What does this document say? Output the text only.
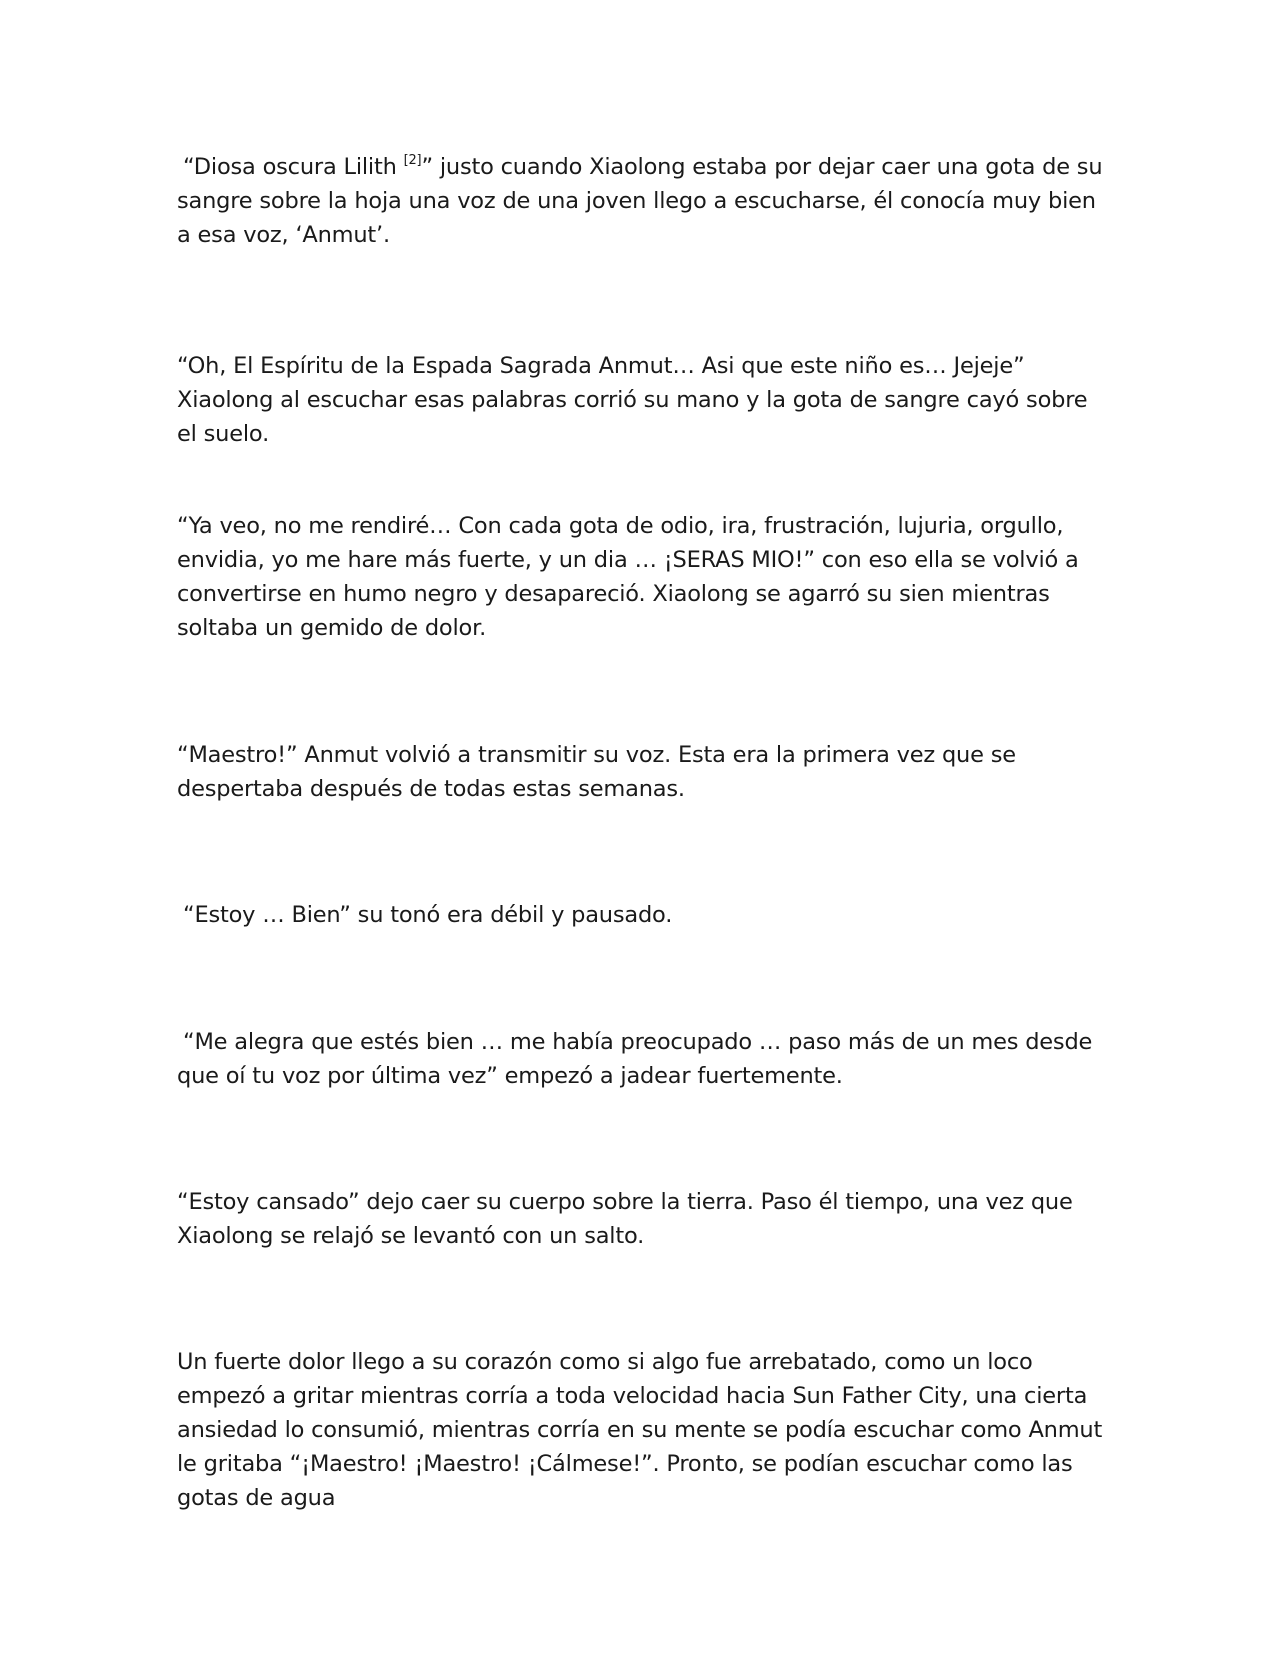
“Diosa oscura Lilith [2]” justo cuando Xiaolong estaba por dejar caer una gota de su sangre sobre la hoja una voz de una joven llego a escucharse, él conocía muy bien a esa voz, ‘Anmut’.

“Oh, El Espíritu de la Espada Sagrada Anmut… Asi que este niño es… Jejeje” Xiaolong al escuchar esas palabras corrió su mano y la gota de sangre cayó sobre el suelo.

“Ya veo, no me rendiré… Con cada gota de odio, ira, frustración, lujuria, orgullo, envidia, yo me hare más fuerte, y un dia … ¡SERAS MIO!” con eso ella se volvió a convertirse en humo negro y desapareció. Xiaolong se agarró su sien mientras soltaba un gemido de dolor.

“Maestro!” Anmut volvió a transmitir su voz. Esta era la primera vez que se despertaba después de todas estas semanas.

“Estoy … Bien” su tonó era débil y pausado.

“Me alegra que estés bien … me había preocupado … paso más de un mes desde que oí tu voz por última vez” empezó a jadear fuertemente.

“Estoy cansado” dejo caer su cuerpo sobre la tierra. Paso él tiempo, una vez que Xiaolong se relajó se levantó con un salto.

Un fuerte dolor llego a su corazón como si algo fue arrebatado, como un loco empezó a gritar mientras corría a toda velocidad hacia Sun Father City, una cierta ansiedad lo consumió, mientras corría en su mente se podía escuchar como Anmut le gritaba “¡Maestro! ¡Maestro! ¡Cálmese!”. Pronto, se podían escuchar como las gotas de agua
